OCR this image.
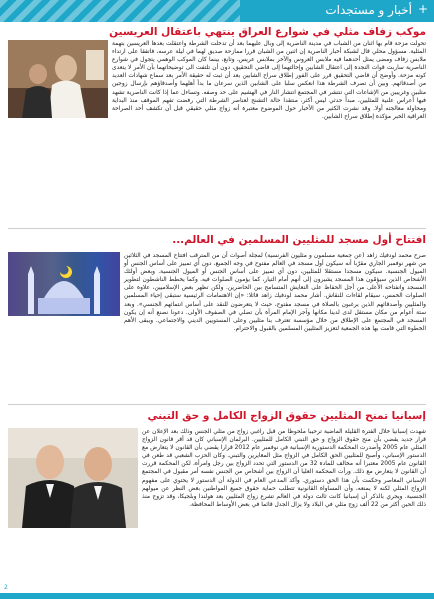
+
أخبار و مستجدات
موكب زفاف مثلي في شوارع العراق ينتهي باعتقال العريسين

تحولت مزحة قام بها اثنان من الشباب في مدينة الناصرية إلى وبال عليهما بعد أن تدخلت الشرطة واعتقلت بعدها العريسين بتهمة المثلية. مسؤول محلي قال لشبكة أخبار الناصرية إن اثنين من الشبان قررا ممازحة صديق لهما في ليلة عرسه، فاتفقا على ارتداء ملابس زفاف ومضى يمثل أحدهما فيه ملابس العروس والآخر بملابس عريس، وتابع، بينما كان الموكب الوهمي يتجول في شوارع الناصرية ساربت قوات النجدة إلى اعتقال الشابين وإحالتهما إلى قاضي التحقيق، دون أن تلتفت الى توضيحاتهما بأن الأمر لا يتعدى كونه مزحة. وأوضح أن قاضي التحقيق قرر على الفور إطلاق سراح الشابين بعد أن ثبت له حقيقة الأمر بعد سماع شهادات العديد من أصدقائهم. وبين أن تصرف الشرطة هذا انعكس سلبا على الشابين الذين سرعان ما بدأ أهلهما وأصدقاؤهم بإرسال زوجين متلبين وغريبين من الإشاعات التي تنتشر في المجتمع انتشار النار في الهشيم على حد وصفه. وتساءل عما إذا كانت الناصرية تشهد فيها أعراس علنية للمثليين، مبدأ حدثي ليس أكثر، منتقدا حالة التشنج لعناصر الشرطة التي رفضت تفهم الموقف منذ البداية ومحاولة معالجته أولا. وقد نشرت الكثير من الأخبار حول الموضوع معتبرة أنه زواج مثلي حقيقي قبل أن تكشف أحد الصراحة العراقية الخبر مؤكدة إطلاق سراح الشابين.

افتتاح أول مسجد للمثليين المسلمين في العالم...

صرح محمد لودفيك زاهد (عن جمعية مسلمون و مثليون الفرنسية) لمجلة أصوات أن من المترقب افتتاح المسجد في الثلاثين من شهر نوفمبر الجاري مقرّبا أنه سيكون أول مسجد في العالم مفتوح في وجه الجميع، دون أي تمييز على أساس الجنس أو الميول الجنسية. سيكون مسجدا مستقلا للمثليين، دون أي تمييز على أساس الجنس أو الميول الجنسية. وبعض أولئك الأشخاص الذين سيؤمّون هذا المسجد يشيرون إلى أنهم أمام التيار، كما يؤمون الصلوات فيه. وكما يخطط الناشطون لتطوير المسجد وانفتاحه الأعلى من أجل الحفاظ على التعايش المتسامح بين الحاضرين. ولكن تظهر بعض الإسلاميين، علاوة على الصلوات الخمس، سيقام لقاءات للنقاش. أشار محمد لودفيك زاهد قائلا: «إن الاهتمامات الرئيسية ستبقى إحياء المسلمين والمثليين وأصدقائهم الذين يرغبون بالصلاة في مسجد مفتوح، حيث لا يتعرضون للنقد على أساس انتمائهم الجنسي». وبعد ستة أعوام من مكان مستقل لدى لدينا مكانها وآجر الإمام المرأة بأن تصلي في الصفوف الأولى. دعونا نصنع أنه إن يكون المسجد في المجتمع على الإطلاق من خلال مؤسسة تعترف بنا مثليين وعلى المستويين الديني والاجتماعي. ويبقى الأهم الخطوة التي قامت بها هذه الجمعية لتعزيز المثليين المسلمين بالقبول والاحترام.

إسبانيا تمنح المثليين حقوق الزواج الكامل و حق التبني

شهدت إسبانيا خلال الفترة القليلة الماضية ترحيبا ملحوظا من قبل راغبي زواج من مثلي الجنس وذلك بعد الإعلان عن قرار جديد يقضي بأن منح حقوق الزواج و حق التبني الكامل للمثليين. البرلمان الإسباني كان قد أقر قانون الزواج المثلي عام 2005 وأصدرت المحكمة الدستورية الإسبانية في نوفمبر عام 2012 قرارا يقضي بأن القانون لا يتعارض مع الدستور الإسباني، وأصبح للمثليين الحق الكامل في الزواج مثل المغايرين والتبني. وكان الحزب الشعبي قد طعن في القانون عام 2005 معتبرا أنه مخالف للمادة 32 من الدستور التي تحدد الزواج بين رجل وامرأة، لكن المحكمة قررت أن القانون لا يتعارض مع ذلك. ورأت المحكمة العليا أن الزواج بين أشخاص من الجنس نفسه أمر مقبول في المجتمع الإسباني المعاصر وحكمت بأن هذا الحق دستوري. وأكد المدعي العام في الدولة أن الدستور لا يحتوي على مفهوم الزواج المثلي لكنه لا يمنعه، وأن المساواة القانونية تتطلب حماية حقوق جميع المواطنين بغض النظر عن ميولهم الجنسية. ويجري بالذكر أن إسبانيا كانت ثالث دولة في العالم تشرع زواج المثليين بعد هولندا وبلجيكا، وقد تزوج منذ ذلك الحين أكثر من 22 ألف زوج مثلي في البلاد ولا يزال الجدل قائما في بعض الأوساط المحافظة.

2
